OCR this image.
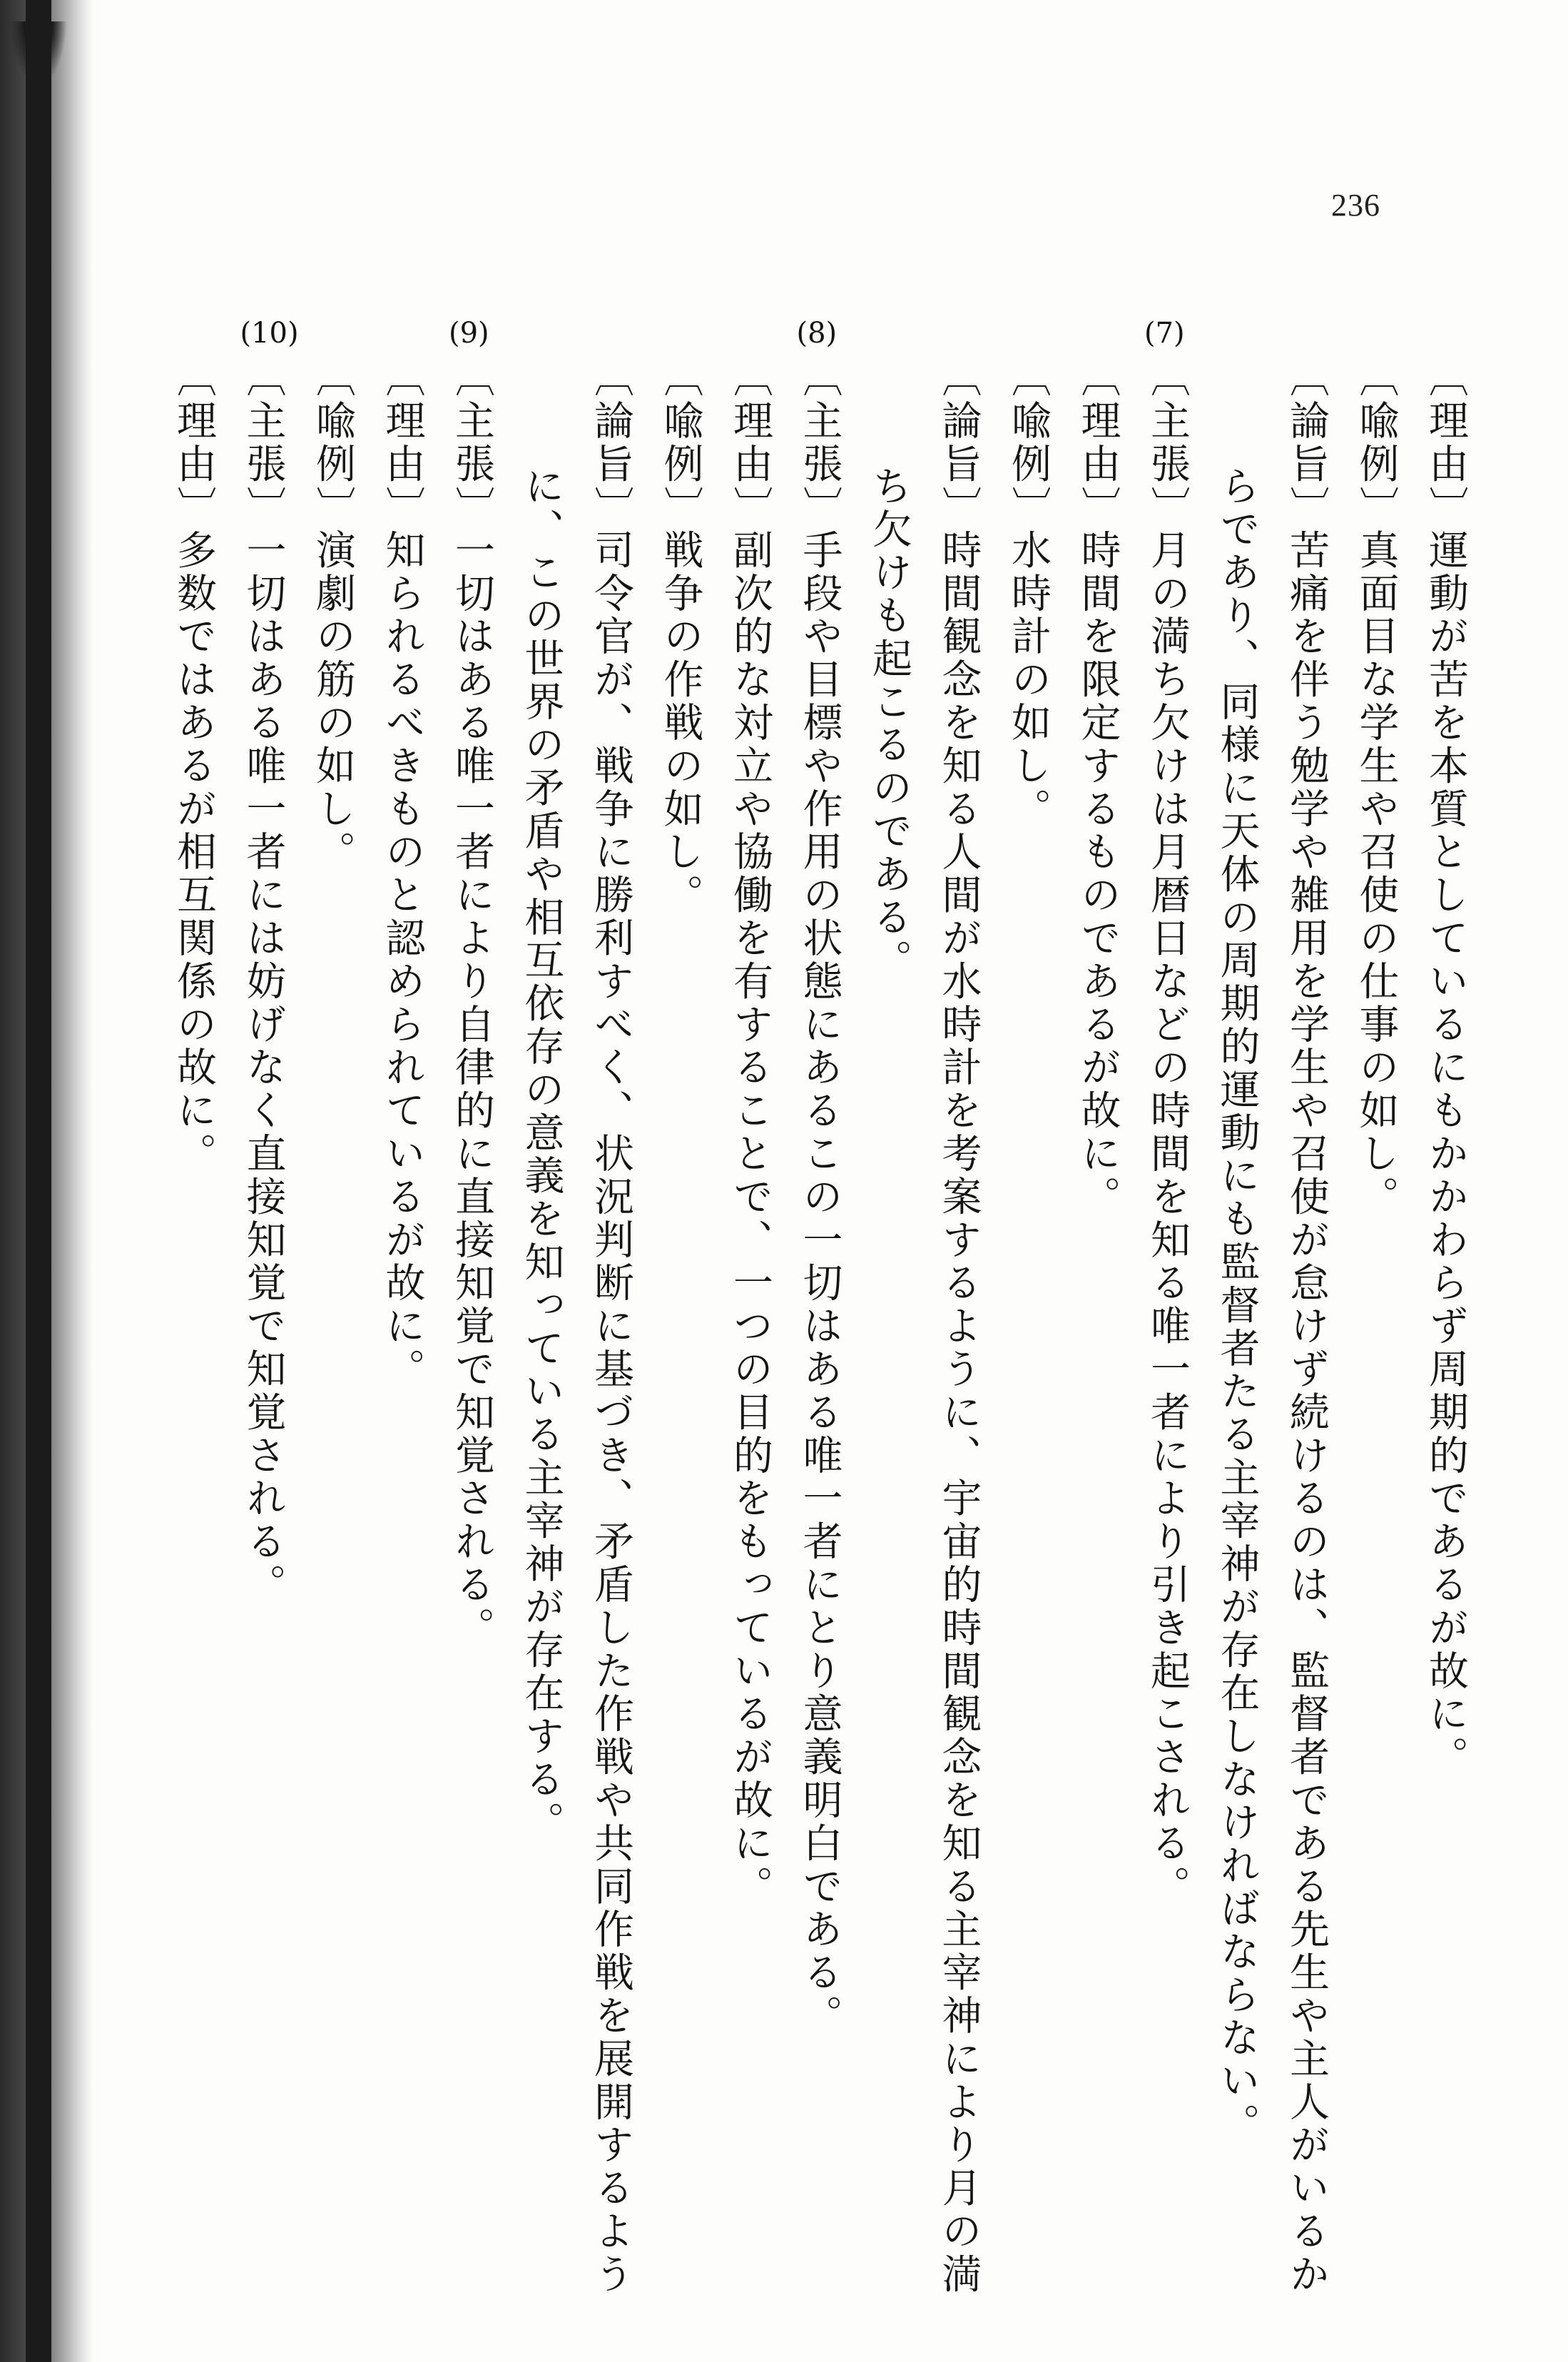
236
〔理由〕運動が苦を本質としているにもかかわらず周期的であるが故に。
〔喩例〕真面目な学生や召使の仕事の如し。
〔論旨〕苦痛を伴う勉学や雑用を学生や召使が怠けず続けるのは、監督者である先生や主人がいるか
らであり、同様に天体の周期的運動にも監督者たる主宰神が存在しなければならない。
〔主張〕月の満ち欠けは月暦日などの時間を知る唯一者により引き起こされる。
〔理由〕時間を限定するものであるが故に。
〔喩例〕水時計の如し。
〔論旨〕時間観念を知る人間が水時計を考案するように、宇宙的時間観念を知る主宰神により月の満
ち欠けも起こるのである。
〔主張〕手段や目標や作用の状態にあるこの一切はある唯一者にとり意義明白である。
〔理由〕副次的な対立や協働を有することで、一つの目的をもっているが故に。
〔喩例〕戦争の作戦の如し。
〔論旨〕司令官が、戦争に勝利すべく、状況判断に基づき、矛盾した作戦や共同作戦を展開するよう
に、この世界の矛盾や相互依存の意義を知っている主宰神が存在する。
〔主張〕一切はある唯一者により自律的に直接知覚で知覚される。
〔理由〕知られるべきものと認められているが故に。
〔喩例〕演劇の筋の如し。
〔主張〕一切はある唯一者には妨げなく直接知覚で知覚される。
〔理由〕多数ではあるが相互関係の故に。
(7)
(8)
(9)
(10)
